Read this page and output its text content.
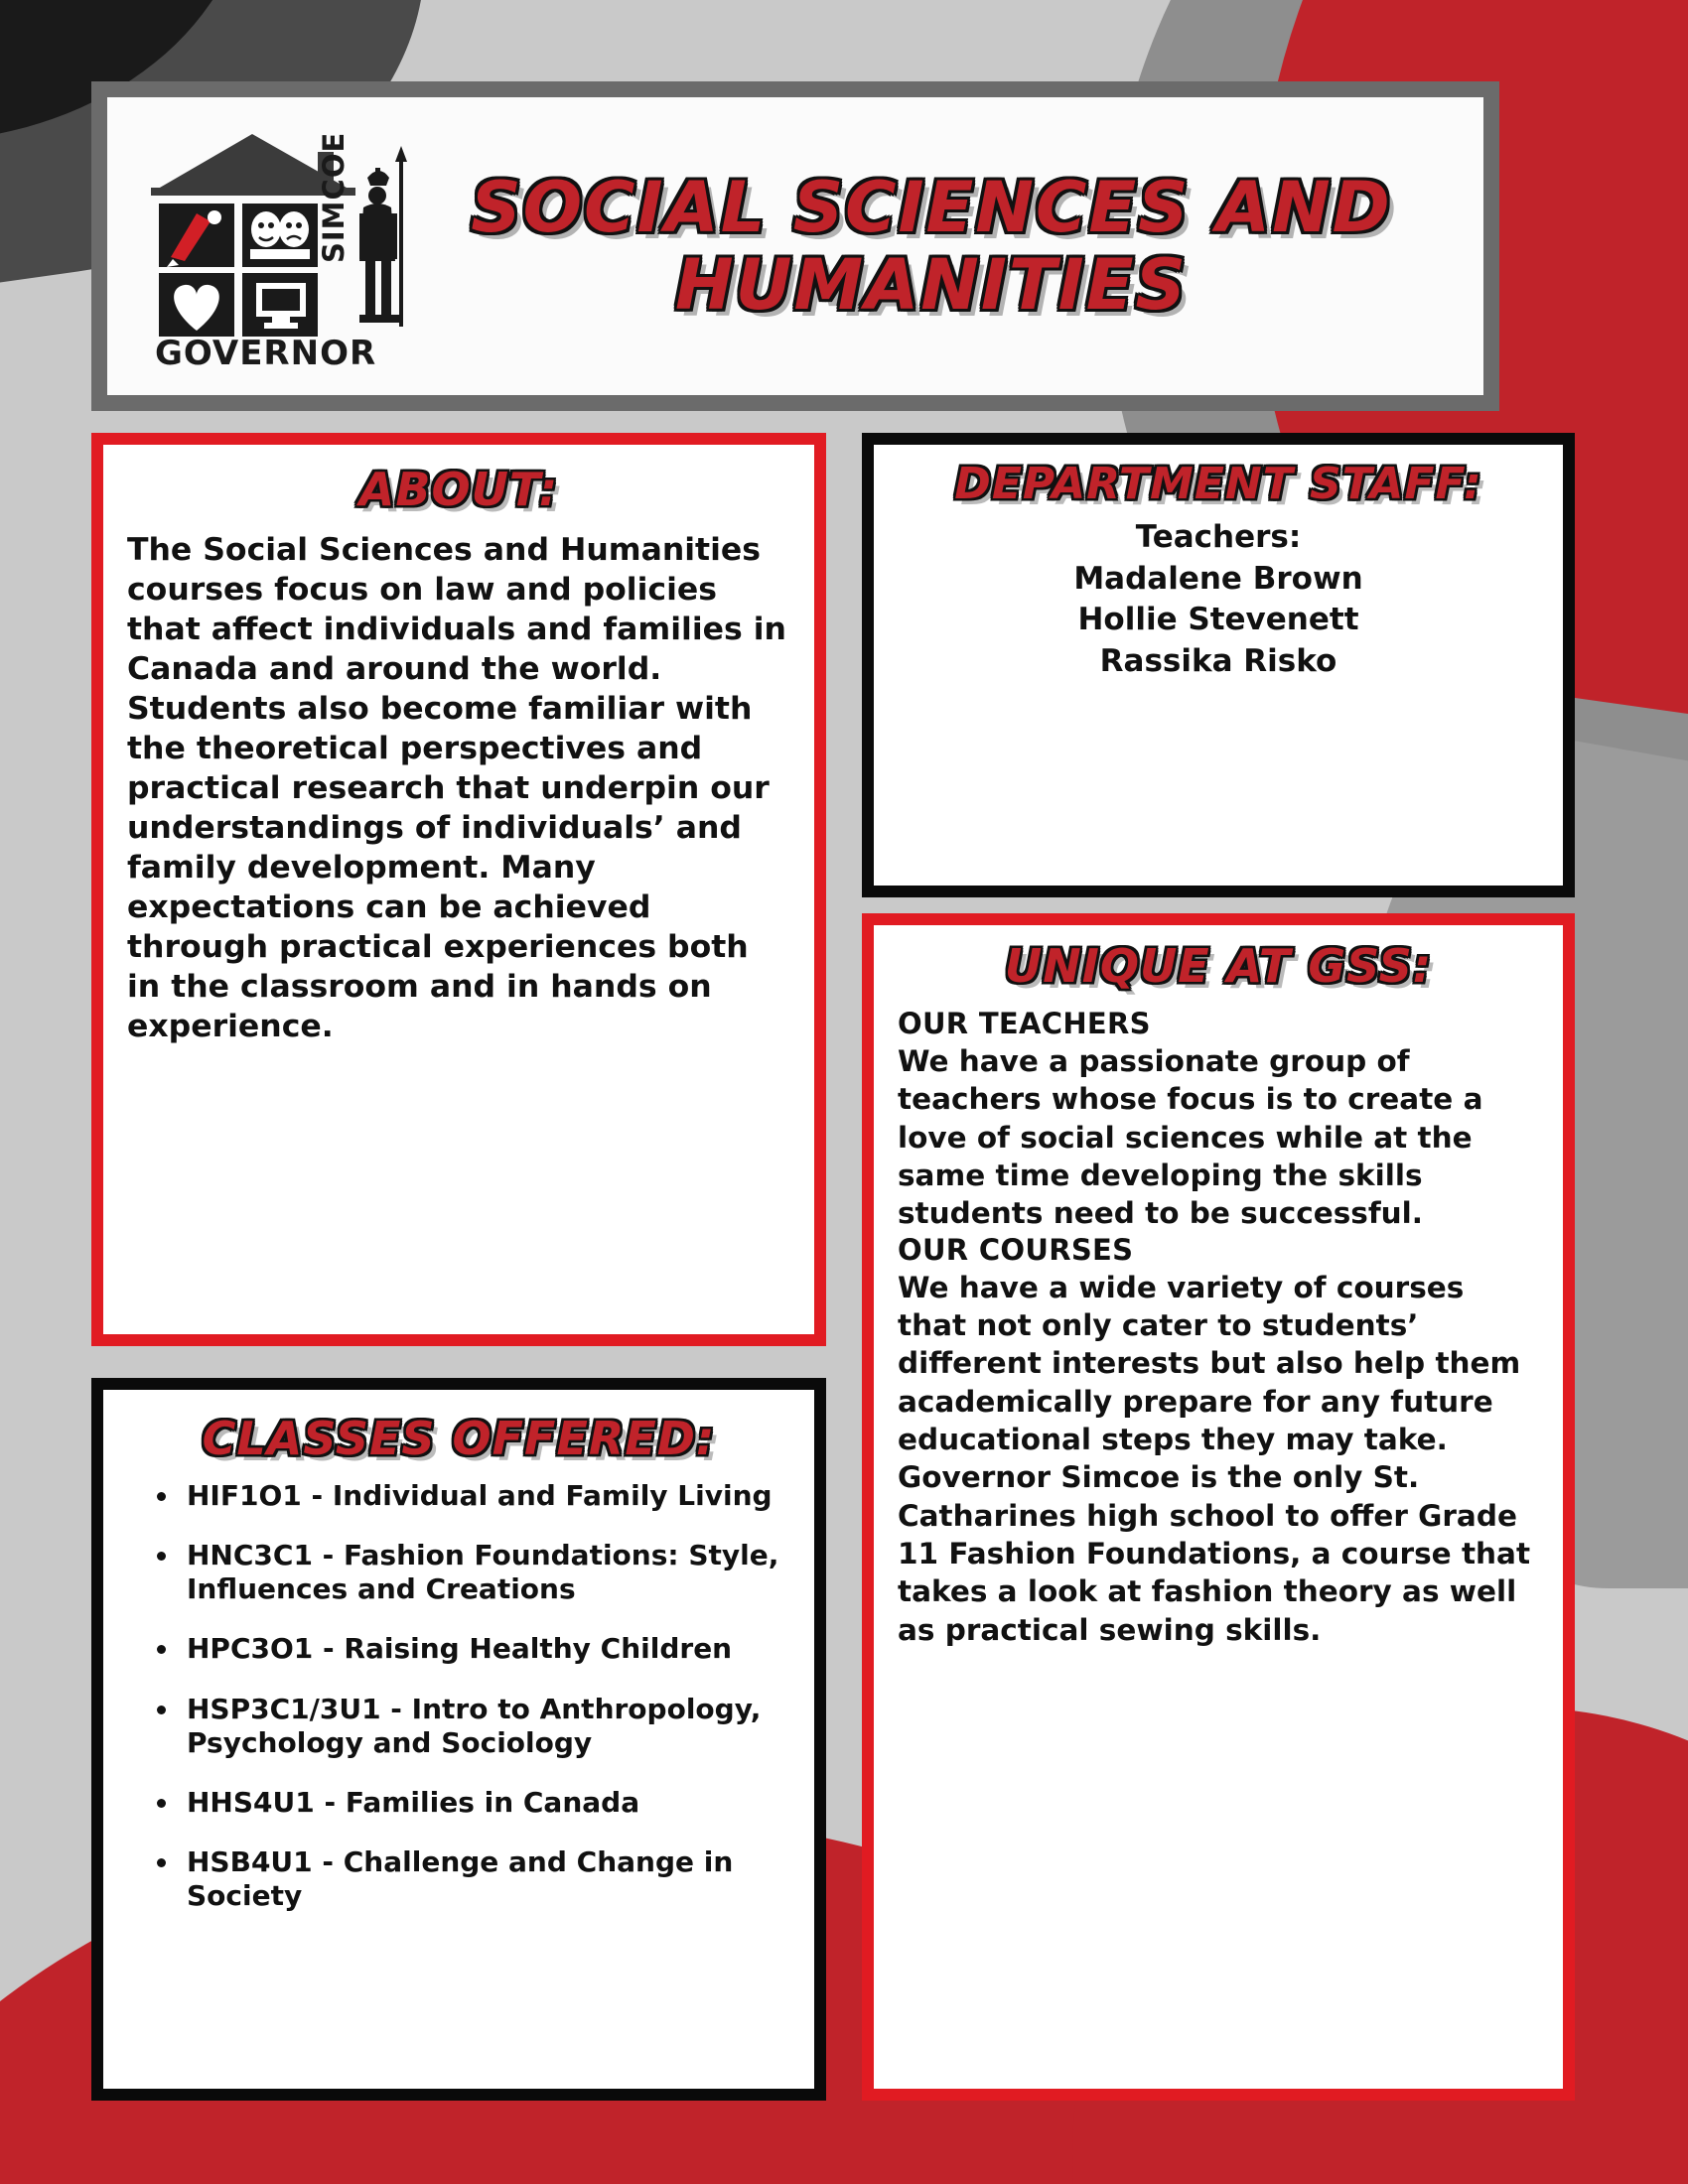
GOVERNOR
SIMCOE	SOCIAL SCIENCES AND
HUMANITIES
ABOUT:

The Social Sciences and Humanities courses focus on law and policies that affect individuals and families in Canada and around the world. Students also become familiar with the theoretical perspectives and practical research that underpin our understandings of individuals’ and family development. Many expectations can be achieved through practical experiences both in the classroom and in hands on experience.

DEPARTMENT STAFF:
Teachers:
Madalene Brown
Hollie Stevenett
Rassika Risko
UNIQUE AT GSS:
OUR TEACHERS

We have a passionate group of teachers whose focus is to create a love of social sciences while at the same time developing the skills students need to be successful.

OUR COURSES

We have a wide variety of courses that not only cater to students’ different interests but also help them academically prepare for any future educational steps they may take.

Governor Simcoe is the only St. Catharines high school to offer Grade 11 Fashion Foundations, a course that takes a look at fashion theory as well as practical sewing skills.

CLASSES OFFERED:
• HIF1O1 - Individual and Family Living
• HNC3C1 - Fashion Foundations: Style, Influences and Creations
• HPC3O1 - Raising Healthy Children
• HSP3C1/3U1 - Intro to Anthropology, Psychology and Sociology
• HHS4U1 - Families in Canada
• HSB4U1 - Challenge and Change in Society
